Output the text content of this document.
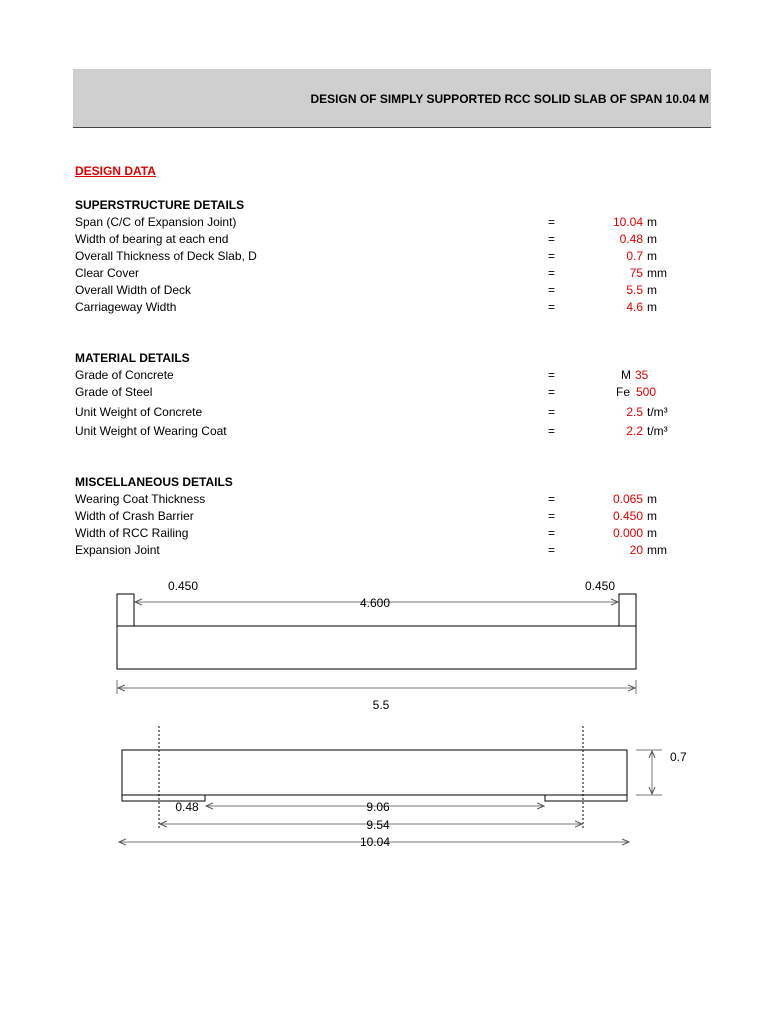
DESIGN OF SIMPLY SUPPORTED RCC SOLID SLAB OF SPAN 10.04 M
DESIGN DATA
SUPERSTRUCTURE DETAILS
Span (C/C of Expansion Joint)	=	10.04 m
Width of bearing at each end	=	0.48 m
Overall Thickness of Deck Slab, D	=	0.7 m
Clear Cover	=	75 mm
Overall Width of Deck	=	5.5 m
Carriageway Width	=	4.6 m
MATERIAL DETAILS
Grade of Concrete	=	M 35
Grade of Steel	=	Fe 500
Unit Weight of Concrete	=	2.5 t/m³
Unit Weight of Wearing Coat	=	2.2 t/m³
MISCELLANEOUS DETAILS
Wearing Coat Thickness	=	0.065 m
Width of Crash Barrier	=	0.450 m
Width of RCC Railing	=	0.000 m
Expansion Joint	=	20 mm
0.450	0.450
4.600
5.5
0.7
0.48	9.06
9.54
10.04
